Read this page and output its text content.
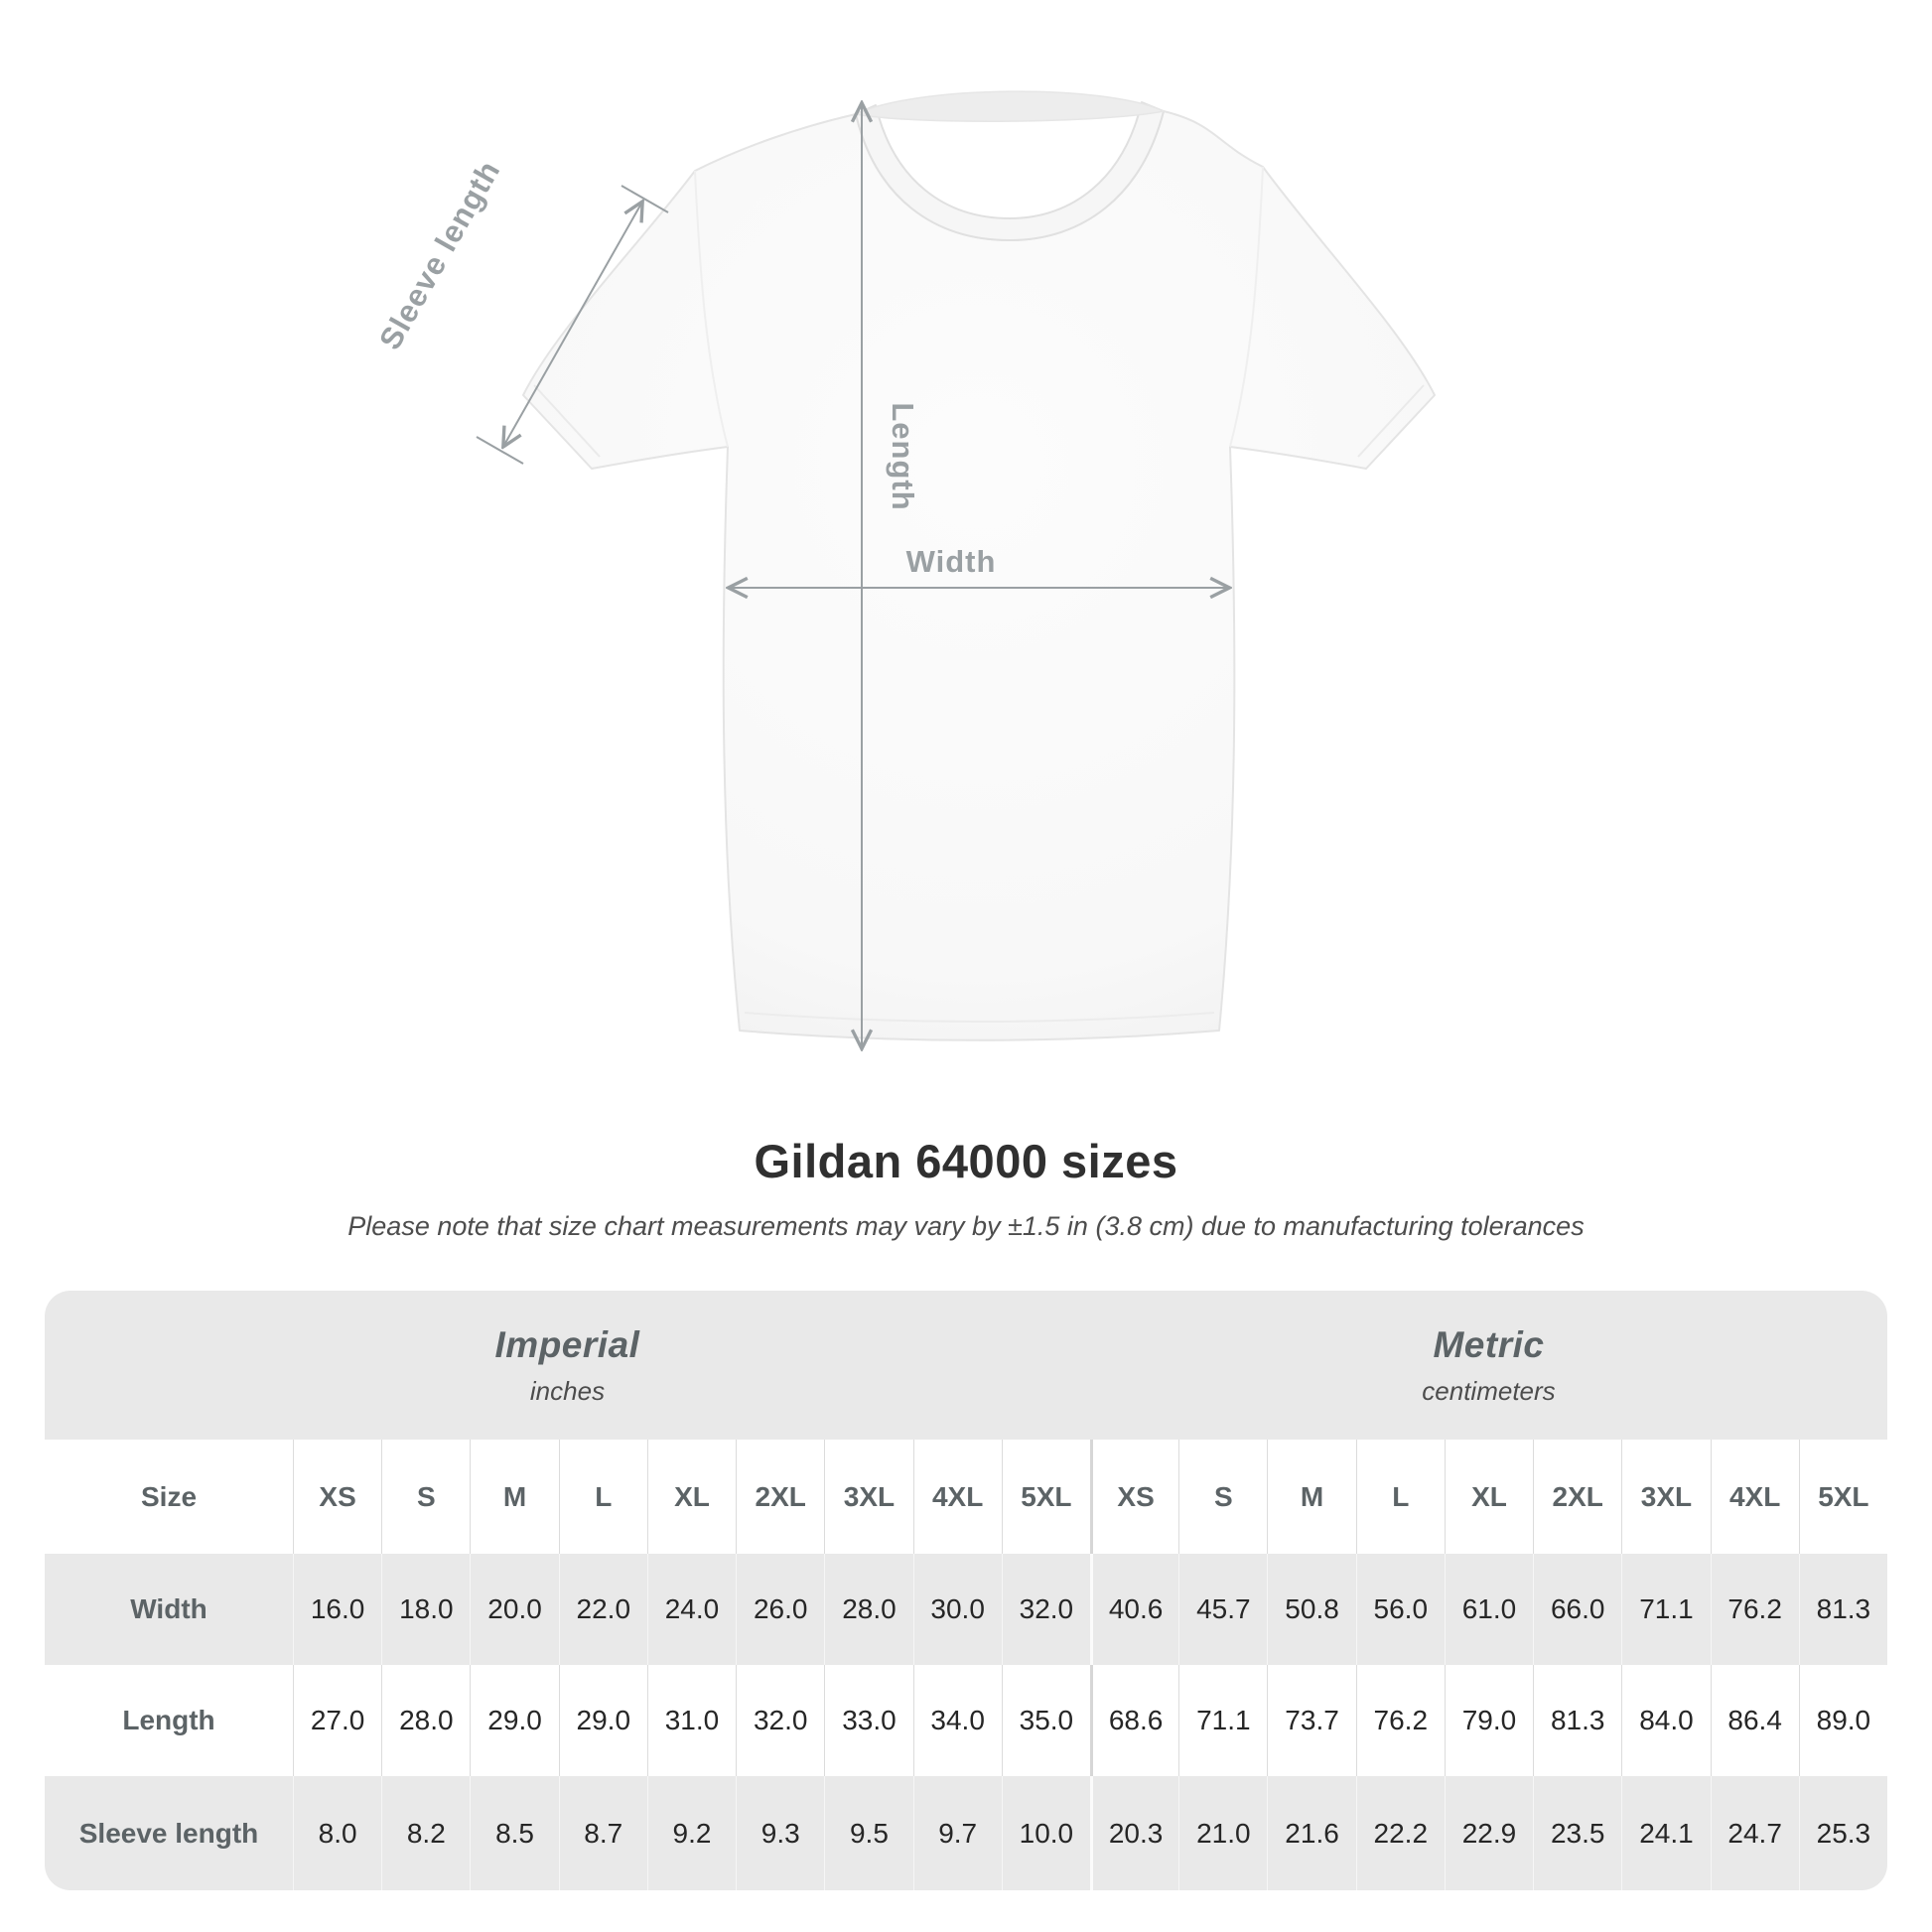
Length
Width
Sleeve length
Gildan 64000 sizes
Please note that size chart measurements may vary by ±1.5 in (3.8 cm) due to manufacturing tolerances
Imperial
inches
Metric
centimeters
Size	XS	S	M	L	XL	2XL	3XL	4XL	5XL	XS	S	M	L	XL	2XL	3XL	4XL	5XL
Width	16.0	18.0	20.0	22.0	24.0	26.0	28.0	30.0	32.0	40.6	45.7	50.8	56.0	61.0	66.0	71.1	76.2	81.3
Length	27.0	28.0	29.0	29.0	31.0	32.0	33.0	34.0	35.0	68.6	71.1	73.7	76.2	79.0	81.3	84.0	86.4	89.0
Sleeve length	8.0	8.2	8.5	8.7	9.2	9.3	9.5	9.7	10.0	20.3	21.0	21.6	22.2	22.9	23.5	24.1	24.7	25.3
